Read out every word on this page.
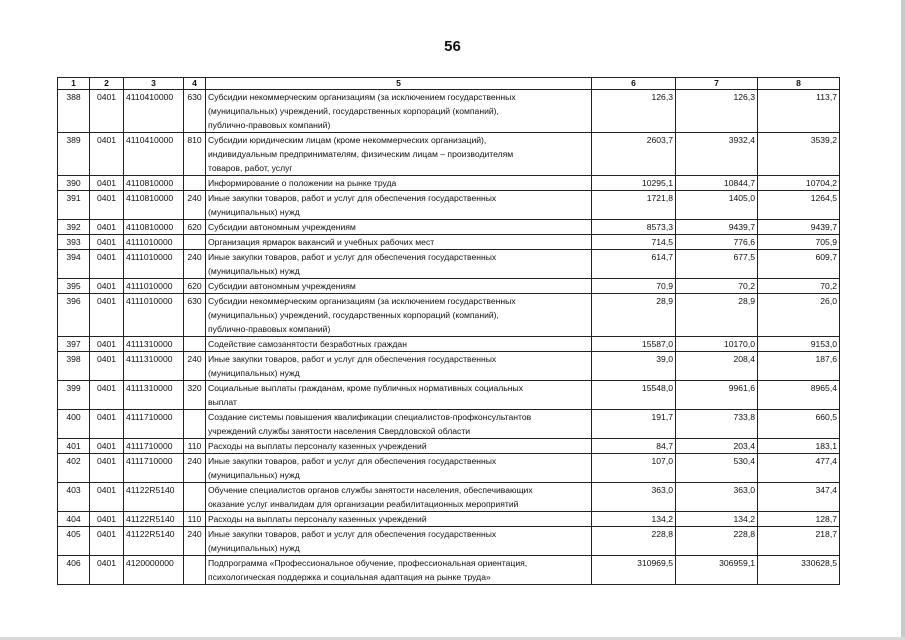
56
1	2	3	4	5	6	7	8
388	0401	4110410000	630	Субсидии некоммерческим организациям (за исключением государственных
(муниципальных) учреждений, государственных корпораций (компаний),
публично-правовых компаний)	126,3	126,3	113,7
389	0401	4110410000	810	Субсидии юридическим лицам (кроме некоммерческих организаций),
индивидуальным предпринимателям, физическим лицам – производителям
товаров, работ, услуг	2603,7	3932,4	3539,2
390	0401	4110810000		Информирование о положении на рынке труда	10295,1	10844,7	10704,2
391	0401	4110810000	240	Иные закупки товаров, работ и услуг для обеспечения государственных
(муниципальных) нужд	1721,8	1405,0	1264,5
392	0401	4110810000	620	Субсидии автономным учреждениям	8573,3	9439,7	9439,7
393	0401	4111010000		Организация ярмарок вакансий и учебных рабочих мест	714,5	776,6	705,9
394	0401	4111010000	240	Иные закупки товаров, работ и услуг для обеспечения государственных
(муниципальных) нужд	614,7	677,5	609,7
395	0401	4111010000	620	Субсидии автономным учреждениям	70,9	70,2	70,2
396	0401	4111010000	630	Субсидии некоммерческим организациям (за исключением государственных
(муниципальных) учреждений, государственных корпораций (компаний),
публично-правовых компаний)	28,9	28,9	26,0
397	0401	4111310000		Содействие самозанятости безработных граждан	15587,0	10170,0	9153,0
398	0401	4111310000	240	Иные закупки товаров, работ и услуг для обеспечения государственных
(муниципальных) нужд	39,0	208,4	187,6
399	0401	4111310000	320	Социальные выплаты гражданам, кроме публичных нормативных социальных
выплат	15548,0	9961,6	8965,4
400	0401	4111710000		Создание системы повышения квалификации специалистов-профконсультантов
учреждений службы занятости населения Свердловской области	191,7	733,8	660,5
401	0401	4111710000	110	Расходы на выплаты персоналу казенных учреждений	84,7	203,4	183,1
402	0401	4111710000	240	Иные закупки товаров, работ и услуг для обеспечения государственных
(муниципальных) нужд	107,0	530,4	477,4
403	0401	41122R5140		Обучение специалистов органов службы занятости населения, обеспечивающих
оказание услуг инвалидам для организации реабилитационных мероприятий	363,0	363,0	347,4
404	0401	41122R5140	110	Расходы на выплаты персоналу казенных учреждений	134,2	134,2	128,7
405	0401	41122R5140	240	Иные закупки товаров, работ и услуг для обеспечения государственных
(муниципальных) нужд	228,8	228,8	218,7
406	0401	4120000000		Подпрограмма «Профессиональное обучение, профессиональная ориентация,
психологическая поддержка и социальная адаптация на рынке труда»	310969,5	306959,1	330628,5
